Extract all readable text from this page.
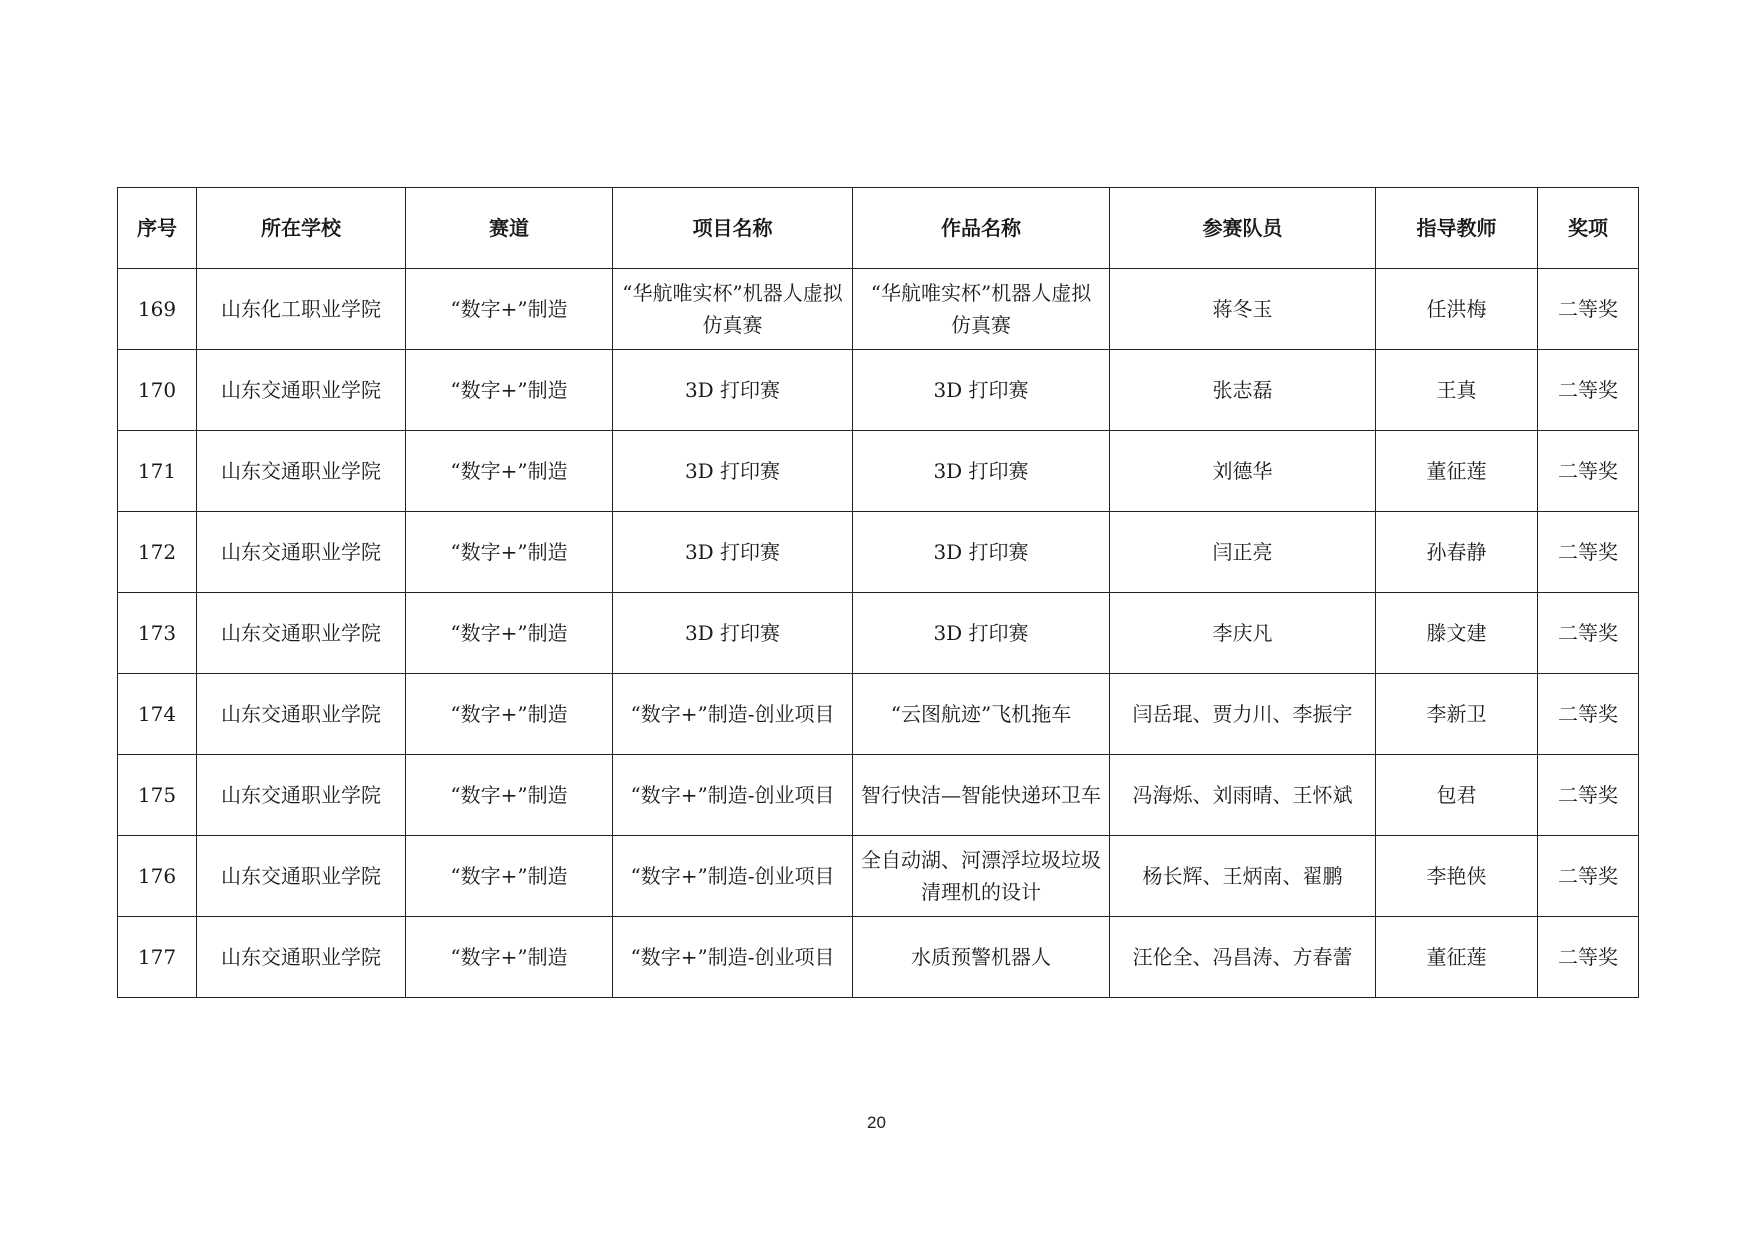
序号	所在学校	赛道	项目名称	作品名称	参赛队员	指导教师	奖项
169	山东化工职业学院	“数字+”制造	“华航唯实杯”机器人虚拟仿真赛	“华航唯实杯”机器人虚拟仿真赛	蒋冬玉	任洪梅	二等奖
170	山东交通职业学院	“数字+”制造	3D 打印赛	3D 打印赛	张志磊	王真	二等奖
171	山东交通职业学院	“数字+”制造	3D 打印赛	3D 打印赛	刘德华	董征莲	二等奖
172	山东交通职业学院	“数字+”制造	3D 打印赛	3D 打印赛	闫正亮	孙春静	二等奖
173	山东交通职业学院	“数字+”制造	3D 打印赛	3D 打印赛	李庆凡	滕文建	二等奖
174	山东交通职业学院	“数字+”制造	“数字+”制造-创业项目	“云图航迹”飞机拖车	闫岳琨、贾力川、李振宇	李新卫	二等奖
175	山东交通职业学院	“数字+”制造	“数字+”制造-创业项目	智行快洁—智能快递环卫车	冯海烁、刘雨晴、王怀斌	包君	二等奖
176	山东交通职业学院	“数字+”制造	“数字+”制造-创业项目	全自动湖、河漂浮垃圾垃圾清理机的设计	杨长辉、王炳南、翟鹏	李艳侠	二等奖
177	山东交通职业学院	“数字+”制造	“数字+”制造-创业项目	水质预警机器人	汪伦全、冯昌涛、方春蕾	董征莲	二等奖
20
